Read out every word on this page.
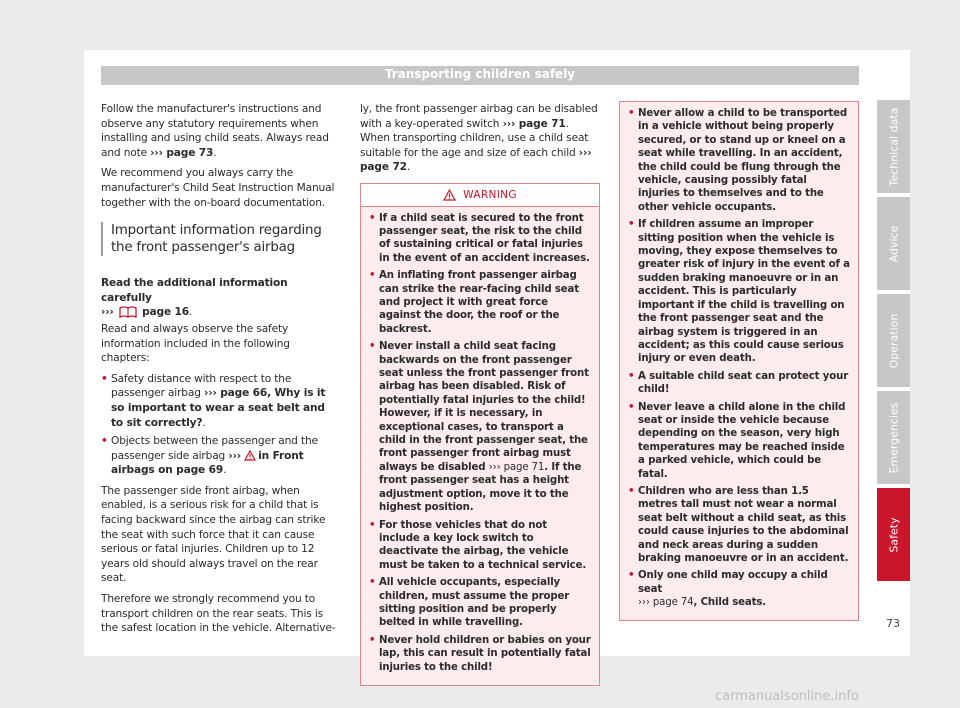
Transporting children safely

Follow the manufacturer's instructions and observe any statutory requirements when installing and using child seats. Always read and note ››› page 73.

We recommend you always carry the manufacturer's Child Seat Instruction Manual together with the on-board documentation.

Important information regarding the front passenger's airbag

Read the additional information carefully
›››	page 16.

Read and always observe the safety information included in the following chapters:

• Safety distance with respect to the passenger airbag ››› page 66, Why is it so important to wear a seat belt and to sit correctly?.
• Objects between the passenger and the passenger side airbag ››› in Front airbags on page 69.

The passenger side front airbag, when enabled, is a serious risk for a child that is facing backward since the airbag can strike the seat with such force that it can cause serious or fatal injuries. Children up to 12 years old should always travel on the rear seat.

Therefore we strongly recommend you to transport children on the rear seats. This is the safest location in the vehicle. Alternative-

ly, the front passenger airbag can be disabled with a key-operated switch ››› page 71. When transporting children, use a child seat suitable for the age and size of each child ››› page 72.

WARNING
• If a child seat is secured to the front passenger seat, the risk to the child of sustaining critical or fatal injuries in the event of an accident increases.
• An inflating front passenger airbag can strike the rear-facing child seat and project it with great force against the door, the roof or the backrest.
• Never install a child seat facing backwards on the front passenger seat unless the front passenger front airbag has been disabled. Risk of potentially fatal injuries to the child! However, if it is necessary, in exceptional cases, to transport a child in the front passenger seat, the front passenger front airbag must always be disabled ››› page 71. If the front passenger seat has a height adjustment option, move it to the highest position.
• For those vehicles that do not include a key lock switch to deactivate the airbag, the vehicle must be taken to a technical service.
• All vehicle occupants, especially children, must assume the proper sitting position and be properly belted in while travelling.
• Never hold children or babies on your lap, this can result in potentially fatal injuries to the child!
• Never allow a child to be transported in a vehicle without being properly secured, or to stand up or kneel on a seat while travelling. In an accident, the child could be flung through the vehicle, causing possibly fatal injuries to themselves and to the other vehicle occupants.
• If children assume an improper sitting position when the vehicle is moving, they expose themselves to greater risk of injury in the event of a sudden braking manoeuvre or in an accident. This is particularly important if the child is travelling on the front passenger seat and the airbag system is triggered in an accident; as this could cause serious injury or even death.
• A suitable child seat can protect your child!
• Never leave a child alone in the child seat or inside the vehicle because depending on the season, very high temperatures may be reached inside a parked vehicle, which could be fatal.
• Children who are less than 1.5 metres tall must not wear a normal seat belt without a child seat, as this could cause injuries to the abdominal and neck areas during a sudden braking manoeuvre or in an accident.
• Only one child may occupy a child seat
››› page 74, Child seats.
Technical data
Advice
Operation
Emergencies
Safety
73
carmanualsonline.info
